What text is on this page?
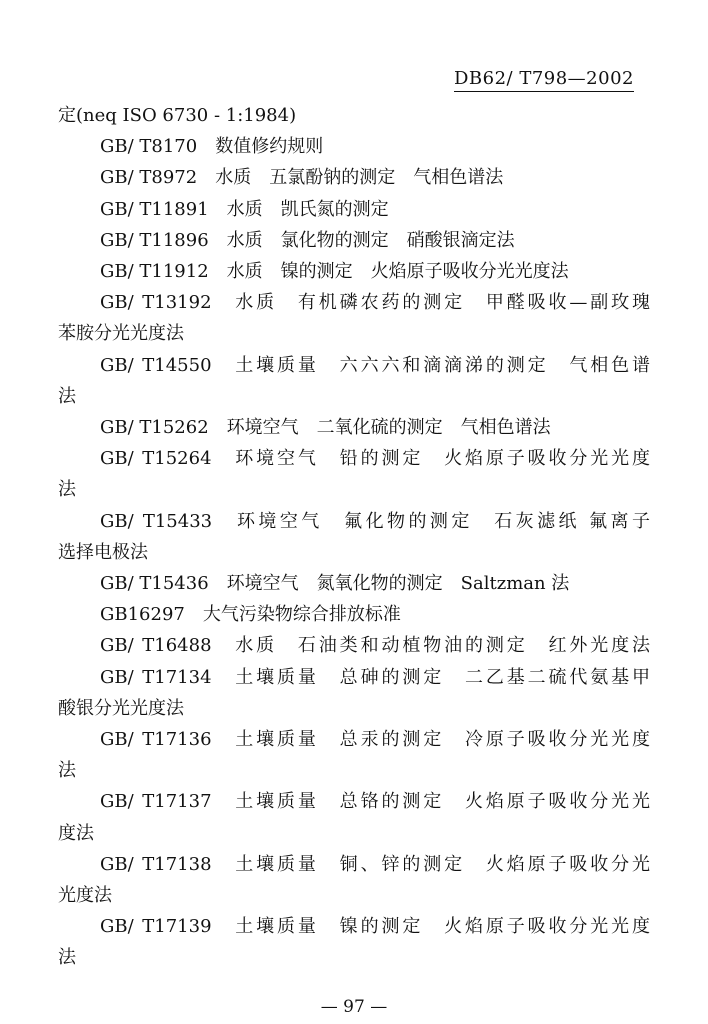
DB62/ T798—2002

定(neq ISO 6730 - 1:1984)

GB/ T8170　数值修约规则

GB/ T8972　水质　五氯酚钠的测定　气相色谱法

GB/ T11891　水质　凯氏氮的测定

GB/ T11896　水质　氯化物的测定　硝酸银滴定法

GB/ T11912　水质　镍的测定　火焰原子吸收分光光度法

GB/ T13192　水质　有机磷农药的测定　甲醛吸收—副玫瑰

苯胺分光光度法

GB/ T14550　土壤质量　六六六和滴滴涕的测定　气相色谱

法

GB/ T15262　环境空气　二氧化硫的测定　气相色谱法

GB/ T15264　环境空气　铅的测定　火焰原子吸收分光光度

法

GB/ T15433　环境空气　氟化物的测定　石灰滤纸 氟离子

选择电极法

GB/ T15436　环境空气　氮氧化物的测定　Saltzman 法

GB16297　大气污染物综合排放标准

GB/ T16488　水质　石油类和动植物油的测定　红外光度法

GB/ T17134　土壤质量　总砷的测定　二乙基二硫代氨基甲

酸银分光光度法

GB/ T17136　土壤质量　总汞的测定　冷原子吸收分光光度

法

GB/ T17137　土壤质量　总铬的测定　火焰原子吸收分光光

度法

GB/ T17138　土壤质量　铜、锌的测定　火焰原子吸收分光

光度法

GB/ T17139　土壤质量　镍的测定　火焰原子吸收分光光度

法

— 97 —
